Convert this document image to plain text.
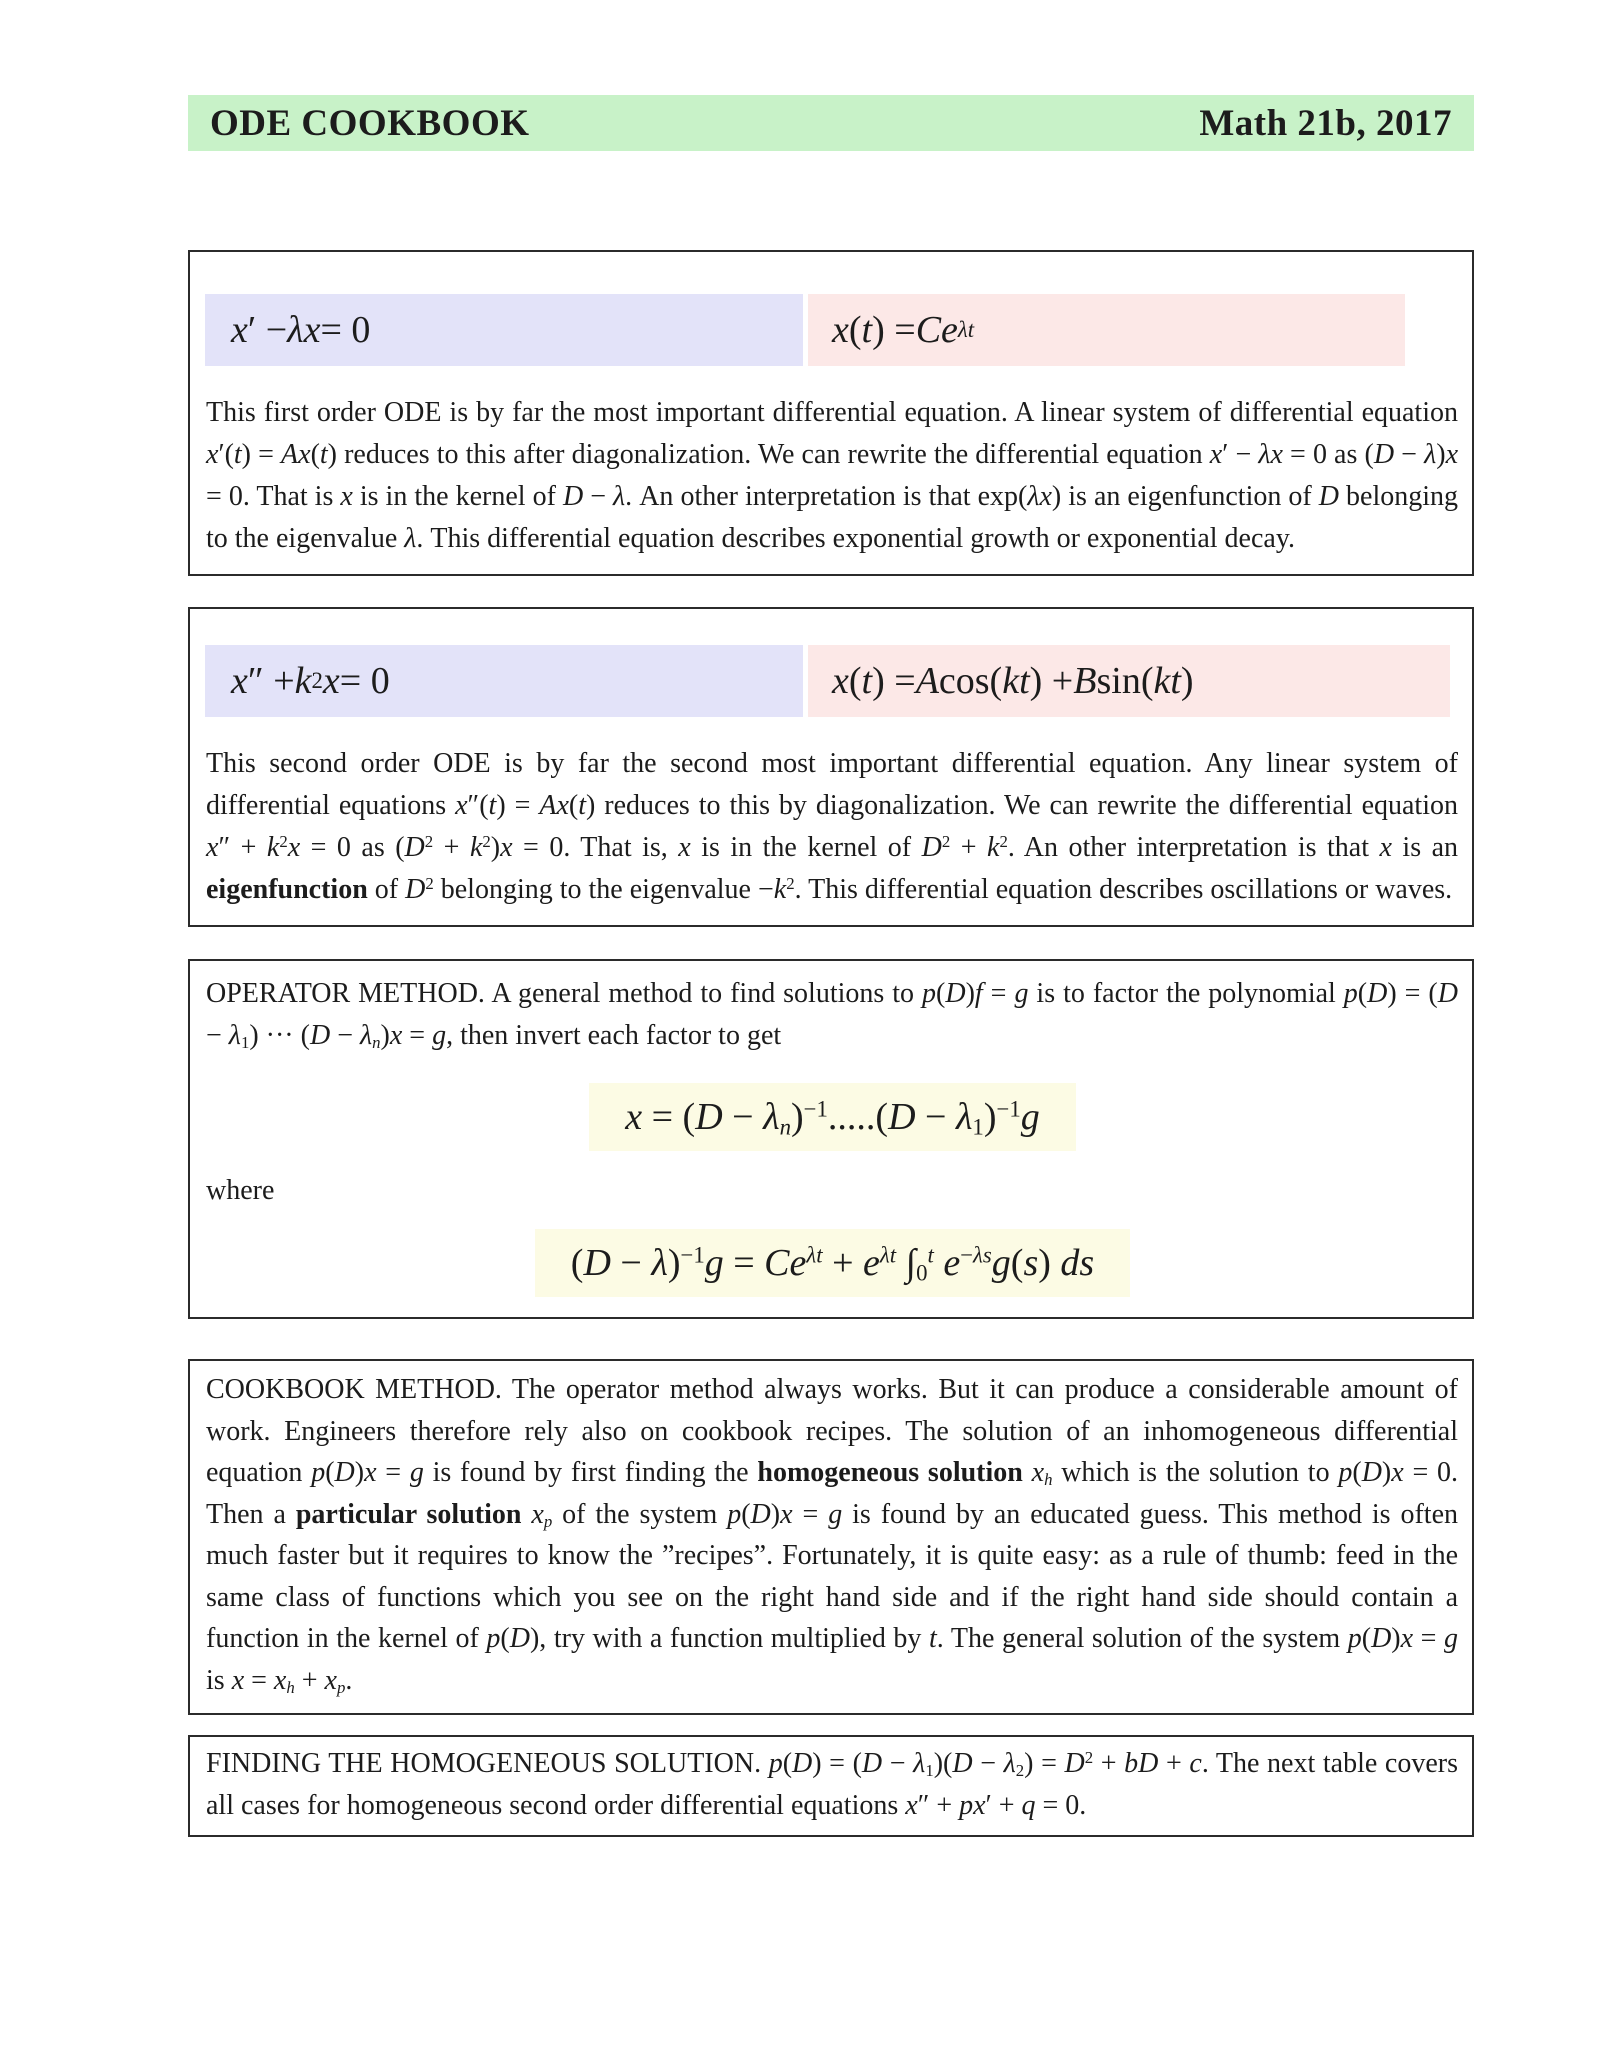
ODE COOKBOOK	Math 21b, 2017
x ′ − λx = 0	x ( t ) = Ce λt

This first order ODE is by far the most important differential equation. A linear system of differential equation x′(t) = Ax(t) reduces to this after diagonalization. We can rewrite the differential equation x′ − λx = 0 as (D − λ)x = 0. That is x is in the kernel of D − λ. An other interpretation is that exp(λx) is an eigenfunction of D belonging to the eigenvalue λ. This differential equation describes exponential growth or exponential decay.

x ″ + k 2 x = 0	x ( t ) = A cos( kt ) + B sin( kt )

This second order ODE is by far the second most important differential equation. Any linear system of differential equations x″(t) = Ax(t) reduces to this by diagonalization. We can rewrite the differential equation $x'' + k^2x = 0$ as $(D^2 + k^2)x = 0$. That is, x is in the kernel of $D^2 + k^2$. An other interpretation is that x is an eigenfunction of $D^2$ belonging to the eigenvalue $-k^2$. This differential equation describes oscillations or waves.

OPERATOR METHOD. A general method to find solutions to p(D)f = g is to factor the polynomial $p(D) = (D - \lambda_1)$ ··· $(D - \lambda_n)x = g$, then invert each factor to get

$x = (D - \lambda_n)^{-1}.....(D - \lambda_1)^{-1}g$

where

$(D - \lambda)^{-1}g = Ce^{\lambda t} + e^{\lambda t}$ $\int_0^t$ $e^{-\lambda s}g(s)$ ds

COOKBOOK METHOD. The operator method always works. But it can produce a considerable amount of work. Engineers therefore rely also on cookbook recipes. The solution of an inhomogeneous differential equation p(D)x = g is found by first finding the homogeneous solution $x_h$ which is the solution to p(D)x = 0. Then a particular solution $x_p$ of the system p(D)x = g is found by an educated guess. This method is often much faster but it requires to know the ”recipes”. Fortunately, it is quite easy: as a rule of thumb: feed in the same class of functions which you see on the right hand side and if the right hand side should contain a function in the kernel of p(D), try with a function multiplied by t. The general solution of the system p(D)x = g is $x = x_h + x_p$.

FINDING THE HOMOGENEOUS SOLUTION. $p(D) = (D - \lambda_1)(D - \lambda_2) = D^2$ + bD + c. The next table covers all cases for homogeneous second order differential equations x″ + px′ + q = 0.
